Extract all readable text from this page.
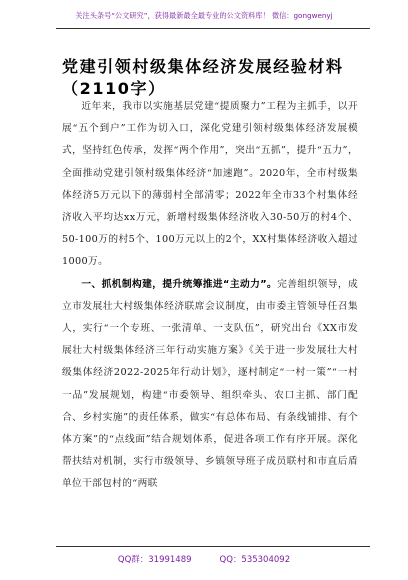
关注头条号“公文研究”，获得最新最全最专业的公文资料库！ 微信：gongwenyj
党建引领村级集体经济发展经验材料
（2110字）

近年来，我市以实施基层党建“提质聚力”工程为主抓手，以开展“五个到户”工作为切入口，深化党建引领村级集体经济发展模式，坚持红色传承，发挥“两个作用”，突出“五抓”，提升“五力”，全面推动党建引领村级集体经济“加速跑”。2020年，全市村级集体经济5万元以下的薄弱村全部清零；2022年全市33个村集体经济收入平均达xx万元，新增村级集体经济收入30-50万的村4个、50-100万的村5个、100万元以上的2个，XX村集体经济收入超过1000万。

一、抓机制构建，提升统筹推进“主动力”。完善组织领导，成立市发展壮大村级集体经济联席会议制度，由市委主管领导任召集人，实行“一个专班、一张清单、一支队伍”，研究出台《XX市发展壮大村级集体经济三年行动实施方案》《关于进一步发展壮大村级集体经济2022-2025年行动计划》，逐村制定“一村一策”“一村一品”发展规划，构建“市委领导、组织牵头、农口主抓、部门配合、乡村实施”的责任体系，做实“有总体布局、有条线铺排、有个体方案”的“点线面”结合规划体系，促进各项工作有序开展。深化帮扶结对机制，实行市级领导、乡镇领导班子成员联村和市直后盾单位干部包村的“两联

QQ群：31991489	QQ：535304092
